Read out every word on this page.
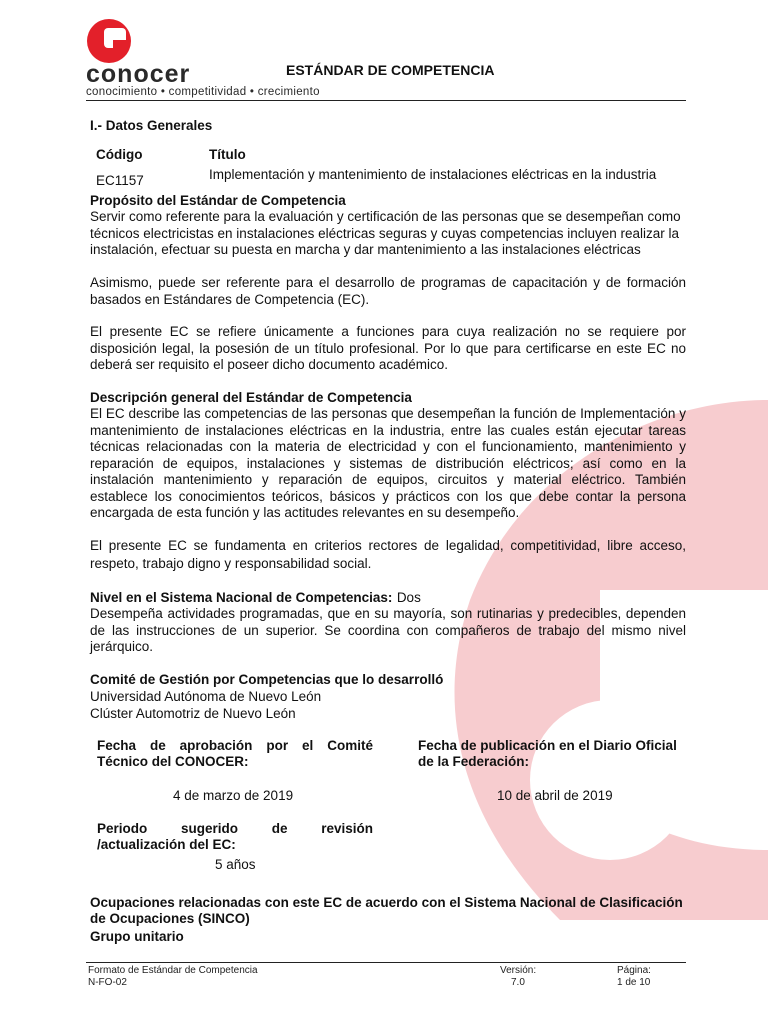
conocer
conocimiento • competitividad • crecimiento
ESTÁNDAR DE COMPETENCIA
I.- Datos Generales
Código	Título
EC1157	Implementación y mantenimiento de instalaciones eléctricas en la industria
Propósito del Estándar de Competencia
Servir como referente para la evaluación y certificación de las personas que se desempeñan como técnicos electricistas en instalaciones eléctricas seguras y cuyas competencias incluyen realizar la instalación, efectuar su puesta en marcha y dar mantenimiento a las instalaciones eléctricas
Asimismo, puede ser referente para el desarrollo de programas de capacitación y de formación basados en Estándares de Competencia (EC).
El presente EC se refiere únicamente a funciones para cuya realización no se requiere por disposición legal, la posesión de un título profesional. Por lo que para certificarse en este EC no deberá ser requisito el poseer dicho documento académico.
Descripción general del Estándar de Competencia
El EC describe las competencias de las personas que desempeñan la función de Implementación y mantenimiento de instalaciones eléctricas en la industria, entre las cuales están ejecutar tareas técnicas relacionadas con la materia de electricidad y con el funcionamiento, mantenimiento y reparación de equipos, instalaciones y sistemas de distribución eléctricos; así como en la instalación mantenimiento y reparación de equipos, circuitos y material eléctrico. También establece los conocimientos teóricos, básicos y prácticos con los que debe contar la persona encargada de esta función y las actitudes relevantes en su desempeño.
El presente EC se fundamenta en criterios rectores de legalidad, competitividad, libre acceso, respeto, trabajo digno y responsabilidad social.
Nivel en el Sistema Nacional de Competencias: Dos
Desempeña actividades programadas, que en su mayoría, son rutinarias y predecibles, dependen de las instrucciones de un superior. Se coordina con compañeros de trabajo del mismo nivel jerárquico.
Comité de Gestión por Competencias que lo desarrolló
Universidad Autónoma de Nuevo León
Clúster Automotriz de Nuevo León
Fecha de aprobación por el Comité Técnico del CONOCER:
4 de marzo de 2019
Fecha de publicación en el Diario Oficial de la Federación:
10 de abril de 2019
Periodo sugerido de revisión /actualización del EC:
5 años
Ocupaciones relacionadas con este EC de acuerdo con el Sistema Nacional de Clasificación de Ocupaciones (SINCO)
Grupo unitario
Formato de Estándar de Competencia
N-FO-02
Versión:
7.0
Página:
1 de 10
